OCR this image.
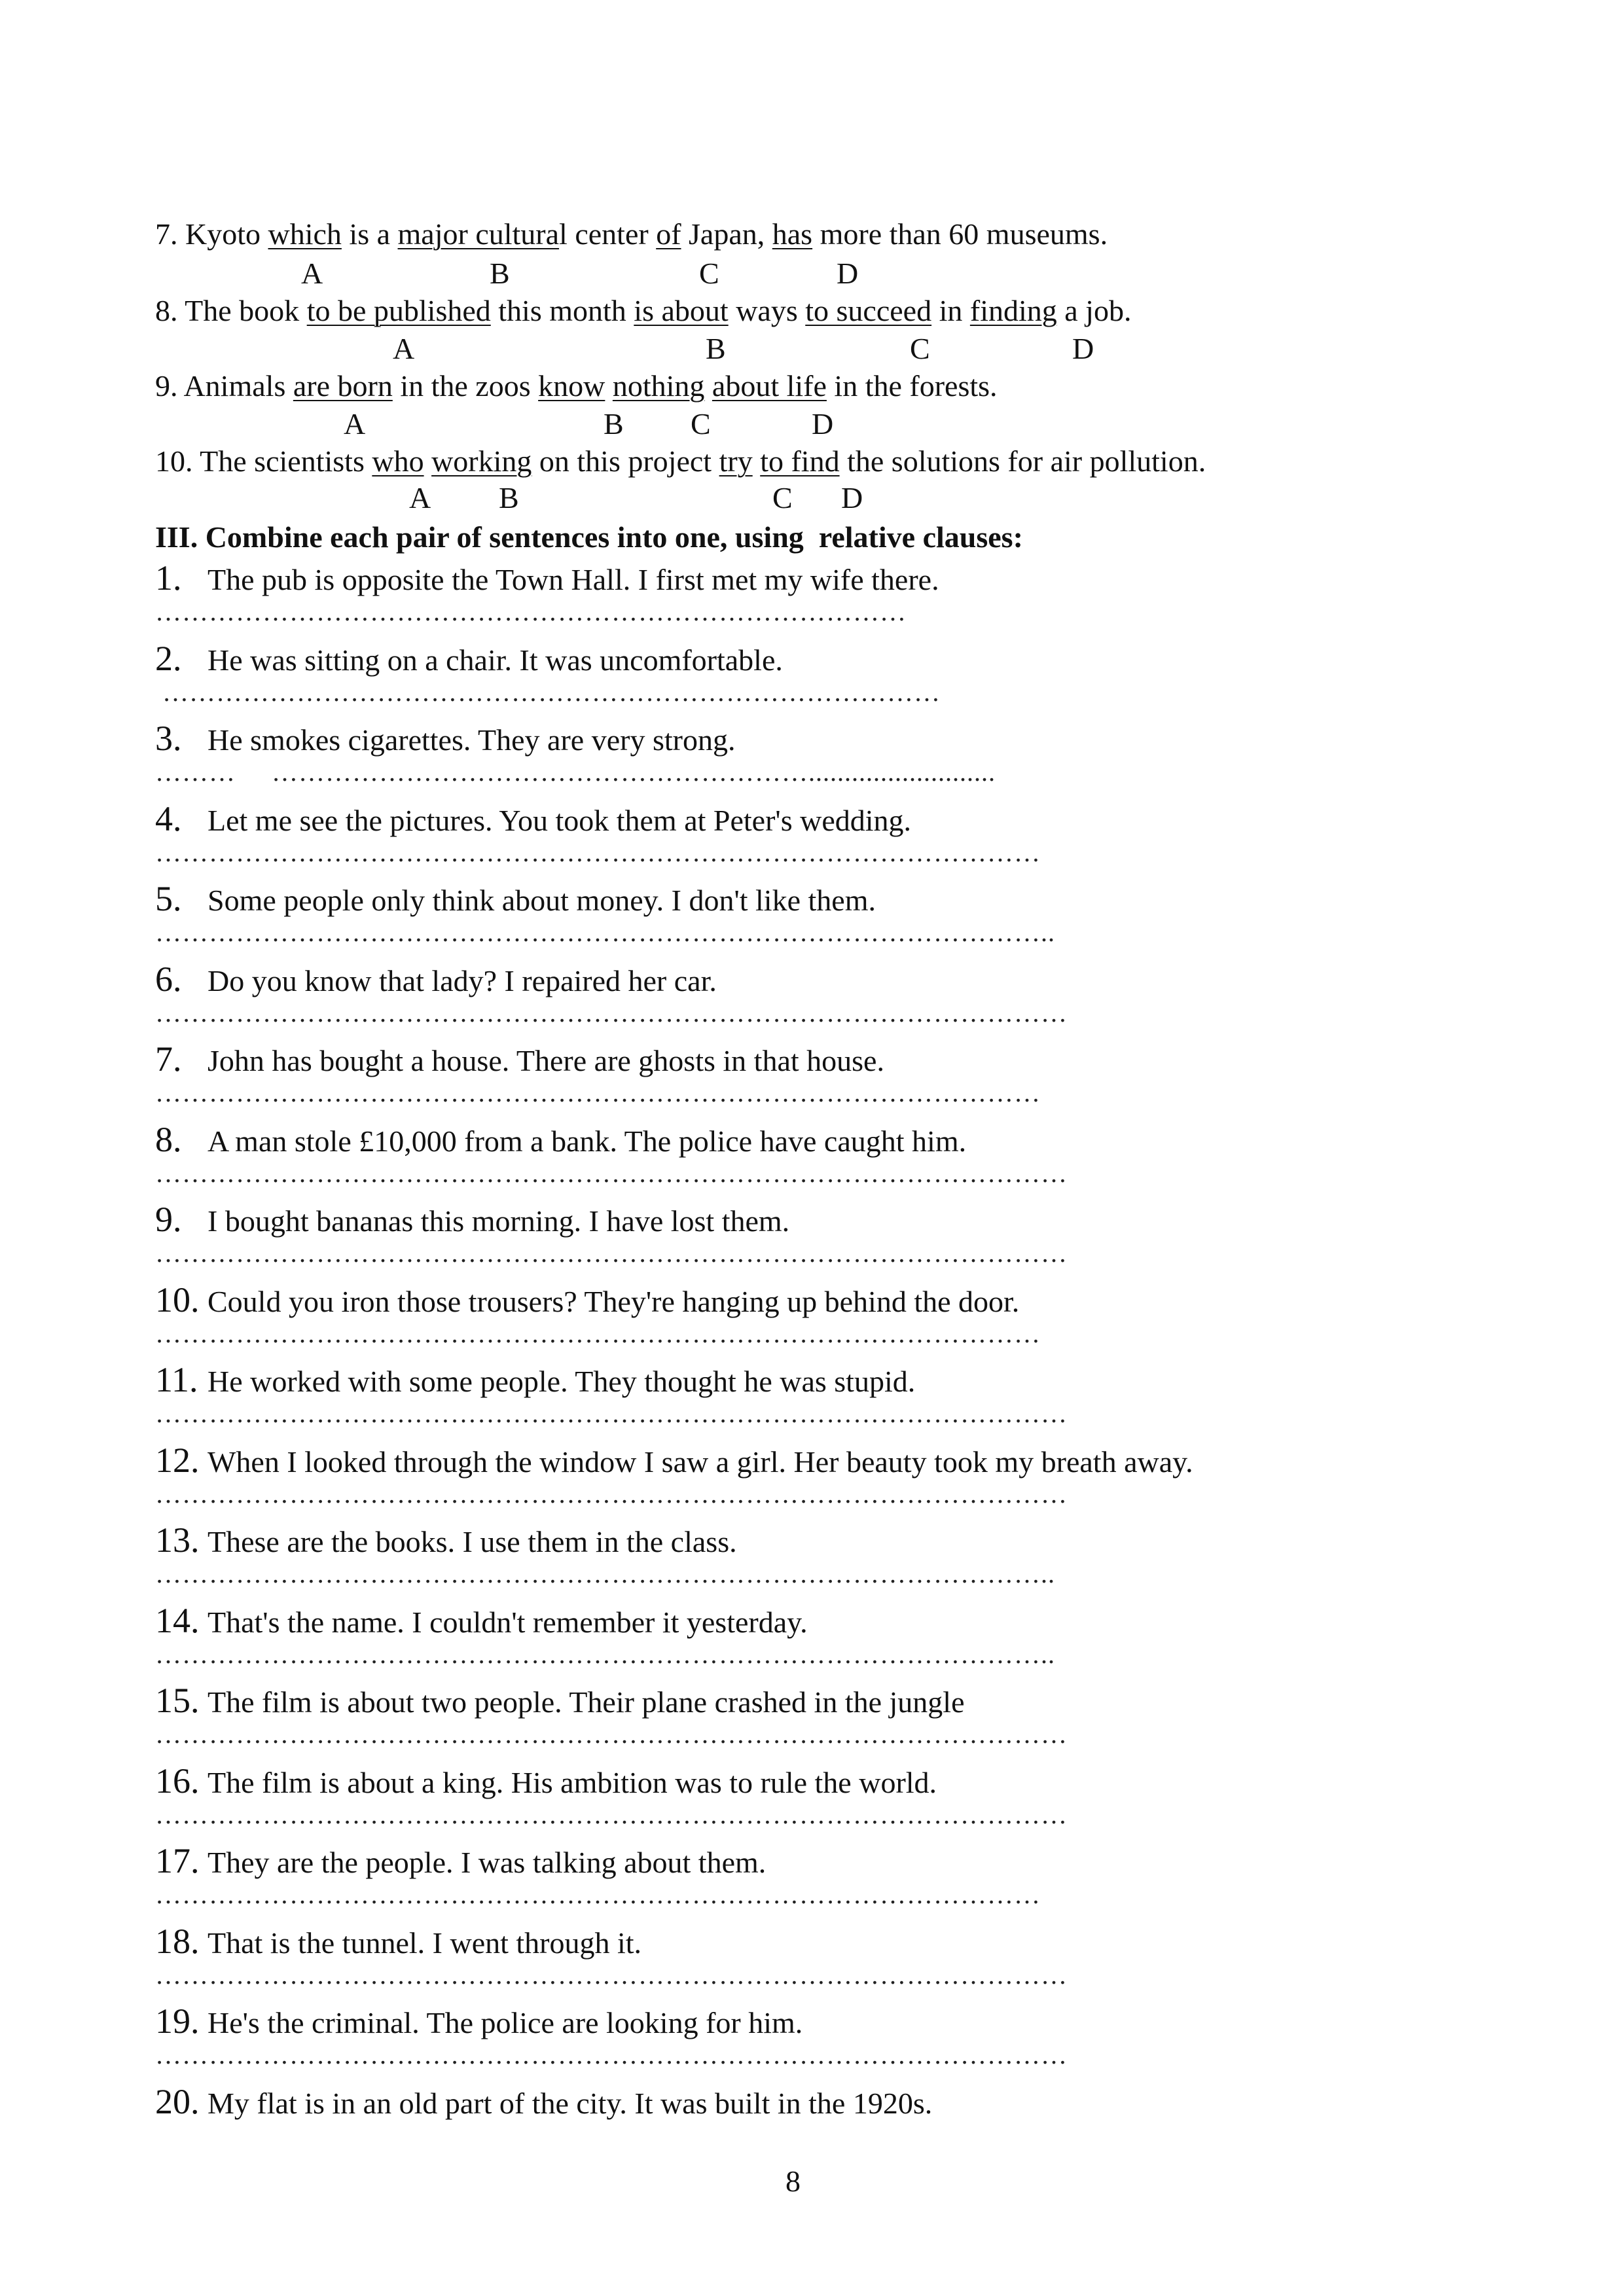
7. Kyoto which is a major cultural center of Japan, has more than 60 museums.
A	B	C	D
8. The book to be published this month is about ways to succeed in finding a job.
A	B	C	D
9. Animals are born in the zoos know nothing about life in the forests.
A	B C	D
10. The scientists who working on this project try to find the solutions for air pollution.
A B	C D
III. Combine each pair of sentences into one, using  relative clauses:
1. The pub is opposite the Town Hall. I first met my wife there.
…………………………………………………………………………
2. He was sitting on a chair. It was uncomfortable.
……………………………………………………………………………
3. He smokes cigarettes. They are very strong.
………     ……………………………………………………..........................
4. Let me see the pictures. You took them at Peter's wedding.
………………………………………………………………………………………
5. Some people only think about money. I don't like them.
………………………………………………………………………………………..
6. Do you know that lady? I repaired her car.
…………………………………………………………………………………………
7. John has bought a house. There are ghosts in that house.
………………………………………………………………………………………
8. A man stole £10,000 from a bank. The police have caught him.
…………………………………………………………………………………………
9. I bought bananas this morning. I have lost them.
…………………………………………………………………………………………
10. Could you iron those trousers? They're hanging up behind the door.
………………………………………………………………………………………
11. He worked with some people. They thought he was stupid.
…………………………………………………………………………………………
12. When I looked through the window I saw a girl. Her beauty took my breath away.
…………………………………………………………………………………………
13. These are the books. I use them in the class.
………………………………………………………………………………………..
14. That's the name. I couldn't remember it yesterday.
………………………………………………………………………………………..
15. The film is about two people. Their plane crashed in the jungle
…………………………………………………………………………………………
16. The film is about a king. His ambition was to rule the world.
…………………………………………………………………………………………
17. They are the people. I was talking about them.
………………………………………………………………………………………
18. That is the tunnel. I went through it.
…………………………………………………………………………………………
19. He's the criminal. The police are looking for him.
…………………………………………………………………………………………
20. My flat is in an old part of the city. It was built in the 1920s.
8
